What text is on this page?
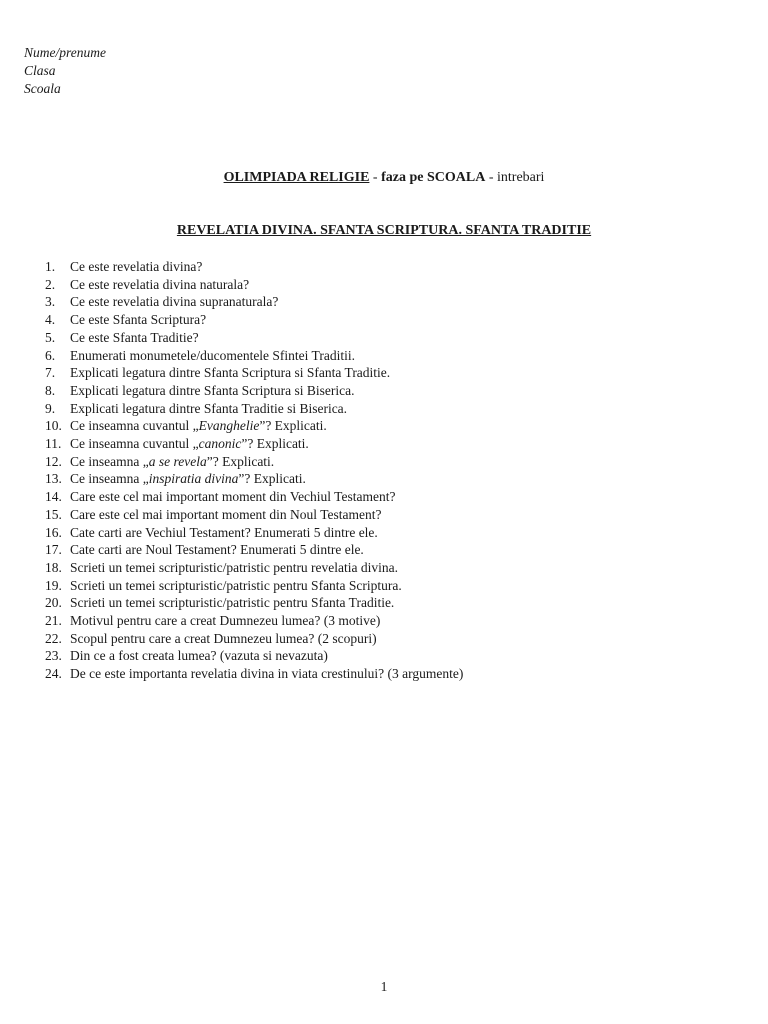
Nume/prenume
Clasa
Scoala
OLIMPIADA RELIGIE - faza pe SCOALA - intrebari
REVELATIA DIVINA. SFANTA SCRIPTURA. SFANTA TRADITIE
1.	Ce este revelatia divina?
2.	Ce este revelatia divina naturala?
3.	Ce este revelatia divina supranaturala?
4.	Ce este Sfanta Scriptura?
5.	Ce este Sfanta Traditie?
6.	Enumerati monumetele/ducomentele Sfintei Traditii.
7.	Explicati legatura dintre Sfanta Scriptura si Sfanta Traditie.
8.	Explicati legatura dintre Sfanta Scriptura si Biserica.
9.	Explicati legatura dintre Sfanta Traditie si Biserica.
10. Ce inseamna cuvantul „Evanghelie”? Explicati.
11. Ce inseamna cuvantul „canonic”? Explicati.
12. Ce inseamna „a se revela”? Explicati.
13. Ce inseamna „inspiratia divina”? Explicati.
14. Care este cel mai important moment din Vechiul Testament?
15. Care este cel mai important moment din Noul Testament?
16. Cate carti are Vechiul Testament? Enumerati 5 dintre ele.
17. Cate carti are Noul Testament? Enumerati 5 dintre ele.
18. Scrieti un temei scripturistic/patristic pentru revelatia divina.
19. Scrieti un temei scripturistic/patristic pentru Sfanta Scriptura.
20. Scrieti un temei scripturistic/patristic pentru Sfanta Traditie.
21. Motivul pentru care a creat Dumnezeu lumea? (3 motive)
22. Scopul pentru care a creat Dumnezeu lumea? (2 scopuri)
23. Din ce a fost creata lumea? (vazuta si nevazuta)
24. De ce este importanta revelatia divina in viata crestinului? (3 argumente)
1
